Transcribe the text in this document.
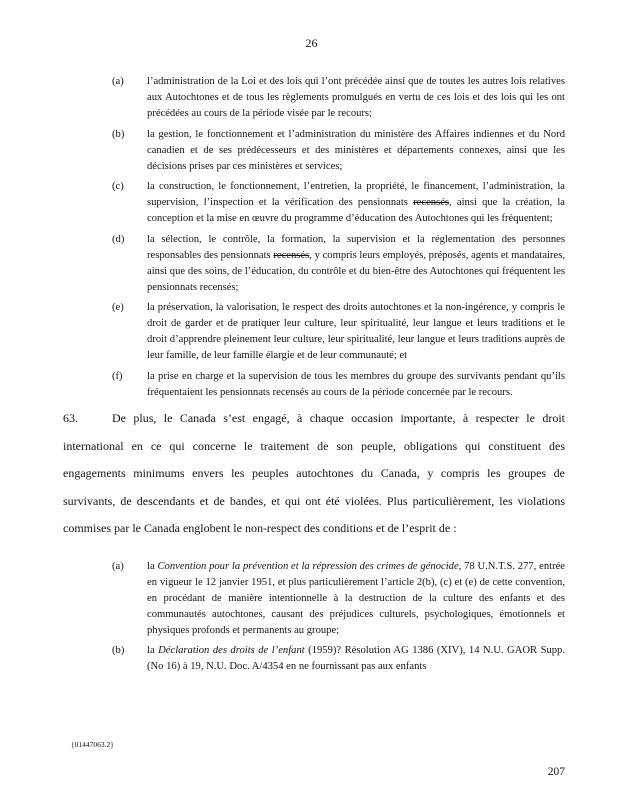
26
(a)	l’administration de la Loi et des lois qui l’ont précédée ainsi que de toutes les autres lois relatives aux Autochtones et de tous les règlements promulgués en vertu de ces lois et des lois qui les ont précédées au cours de la période visée par le recours;
(b)	la gestion, le fonctionnement et l’administration du ministère des Affaires indiennes et du Nord canadien et de ses prédécesseurs et des ministères et départements connexes, ainsi que les décisions prises par ces ministères et services;
(c)	la construction, le fonctionnement, l’entretien, la propriété, le financement, l’administration, la supervision, l’inspection et la vérification des pensionnats recensés, ainsi que la création, la conception et la mise en œuvre du programme d’éducation des Autochtones qui les fréquentent;
(d)	la sélection, le contrôle, la formation, la supervision et la réglementation des personnes responsables des pensionnats recensés, y compris leurs employés, préposés, agents et mandataires, ainsi que des soins, de l’éducation, du contrôle et du bien-être des Autochtones qui fréquentent les pensionnats recensés;
(e)	la préservation, la valorisation, le respect des droits autochtones et la non-ingérence, y compris le droit de garder et de pratiquer leur culture, leur spiritualité, leur langue et leurs traditions et le droit d’apprendre pleinement leur culture, leur spiritualité, leur langue et leurs traditions auprès de leur famille, de leur famille élargie et de leur communauté; et
(f)	la prise en charge et la supervision de tous les membres du groupe des survivants pendant qu’ils fréquentaient les pensionnats recensés au cours de la période concernée par le recours.
63.	De plus, le Canada s’est engagé, à chaque occasion importante, à respecter le droit international en ce qui concerne le traitement de son peuple, obligations qui constituent des engagements minimums envers les peuples autochtones du Canada, y compris les groupes de survivants, de descendants et de bandes, et qui ont été violées. Plus particulièrement, les violations commises par le Canada englobent le non-respect des conditions et de l’esprit de :
(a)	la Convention pour la prévention et la répression des crimes de génocide, 78 U.N.T.S. 277, entrée en vigueur le 12 janvier 1951, et plus particulièrement l’article 2(b), (c) et (e) de cette convention, en procédant de manière intentionnelle à la destruction de la culture des enfants et des communautés autochtones, causant des préjudices culturels, psychologiques, émotionnels et physiques profonds et permanents au groupe;
(b)	la Déclaration des droits de l’enfant (1959)? Résolution AG 1386 (XIV), 14 N.U. GAOR Supp. (No 16) à 19, N.U. Doc. A/4354 en ne fournissant pas aux enfants
{01447063.2}
207
